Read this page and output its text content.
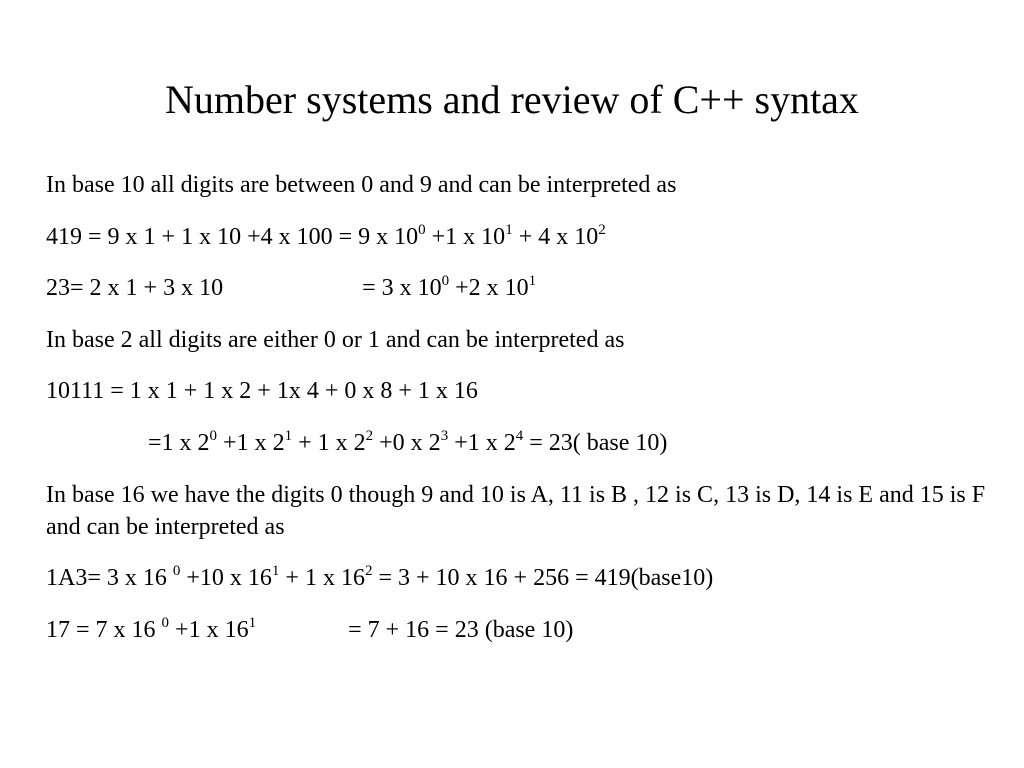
Number systems and review of C++ syntax
In base 10 all digits are between 0 and 9 and can be interpreted as
419 = 9 x 1 + 1 x 10 +4 x 100 = 9 x $10^0 +1$ x $10^1 + 4$ x $10^2$
23= 2 x 1 + 3 x 10	= 3 x $10^0 +2$ x $10^1$
In base 2 all digits are either 0 or 1 and can be interpreted as
10111 = 1 x 1 + 1 x 2 + 1x 4 + 0 x 8 + 1 x 16
=1 x $2^0 +1$ x $2^1 + 1$ x $2^2 +0$ x $2^3 +1$ x $2^4 = 23$( base 10)
In base 16 we have the digits 0 though 9 and 10 is A, 11 is B , 12 is C, 13 is D, 14 is E and 15 is F and can be interpreted as
1A3= 3 x 16 $^0$ +10 x $16^1 + 1$ x $16^2 = 3 + 10$ x 16 + 256 = 419(base10)
17 = 7 x 16 $^0$ +1 x $16^1$	= 7 + 16 = 23 (base 10)
